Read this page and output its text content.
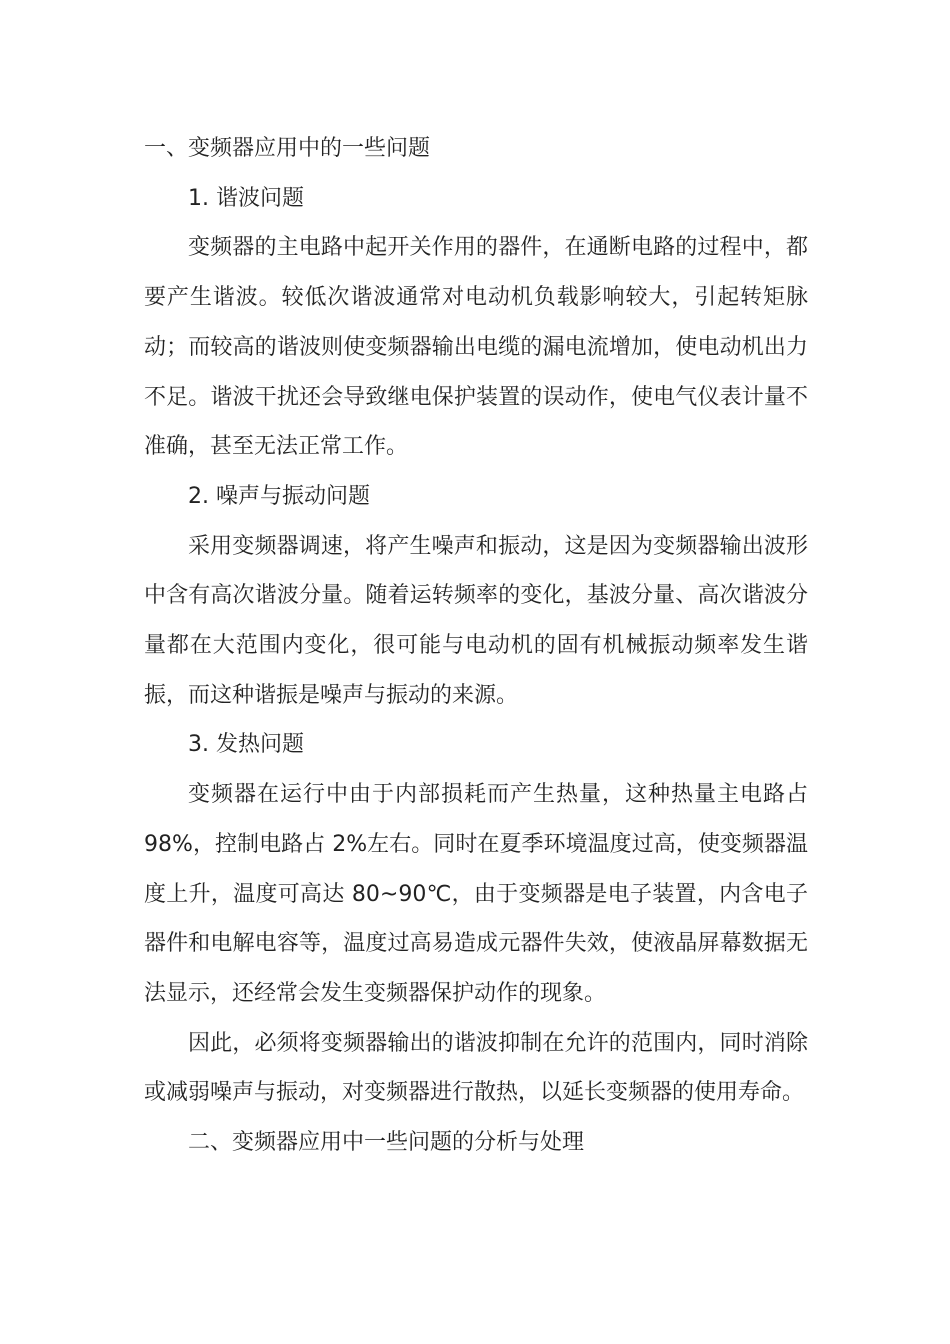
一、变频器应用中的一些问题

1. 谐波问题

变频器的主电路中起开关作用的器件，在通断电路的过程中，都要产生谐波。较低次谐波通常对电动机负载影响较大，引起转矩脉动；而较高的谐波则使变频器输出电缆的漏电流增加，使电动机出力不足。谐波干扰还会导致继电保护装置的误动作，使电气仪表计量不准确，甚至无法正常工作。

2. 噪声与振动问题

采用变频器调速，将产生噪声和振动，这是因为变频器输出波形中含有高次谐波分量。随着运转频率的变化，基波分量、高次谐波分量都在大范围内变化，很可能与电动机的固有机械振动频率发生谐振，而这种谐振是噪声与振动的来源。

3. 发热问题

变频器在运行中由于内部损耗而产生热量，这种热量主电路占98%，控制电路占 2%左右。同时在夏季环境温度过高，使变频器温度上升，温度可高达 80~90℃，由于变频器是电子装置，内含电子器件和电解电容等，温度过高易造成元器件失效，使液晶屏幕数据无法显示，还经常会发生变频器保护动作的现象。

因此，必须将变频器输出的谐波抑制在允许的范围内，同时消除或减弱噪声与振动，对变频器进行散热，以延长变频器的使用寿命。

二、变频器应用中一些问题的分析与处理
